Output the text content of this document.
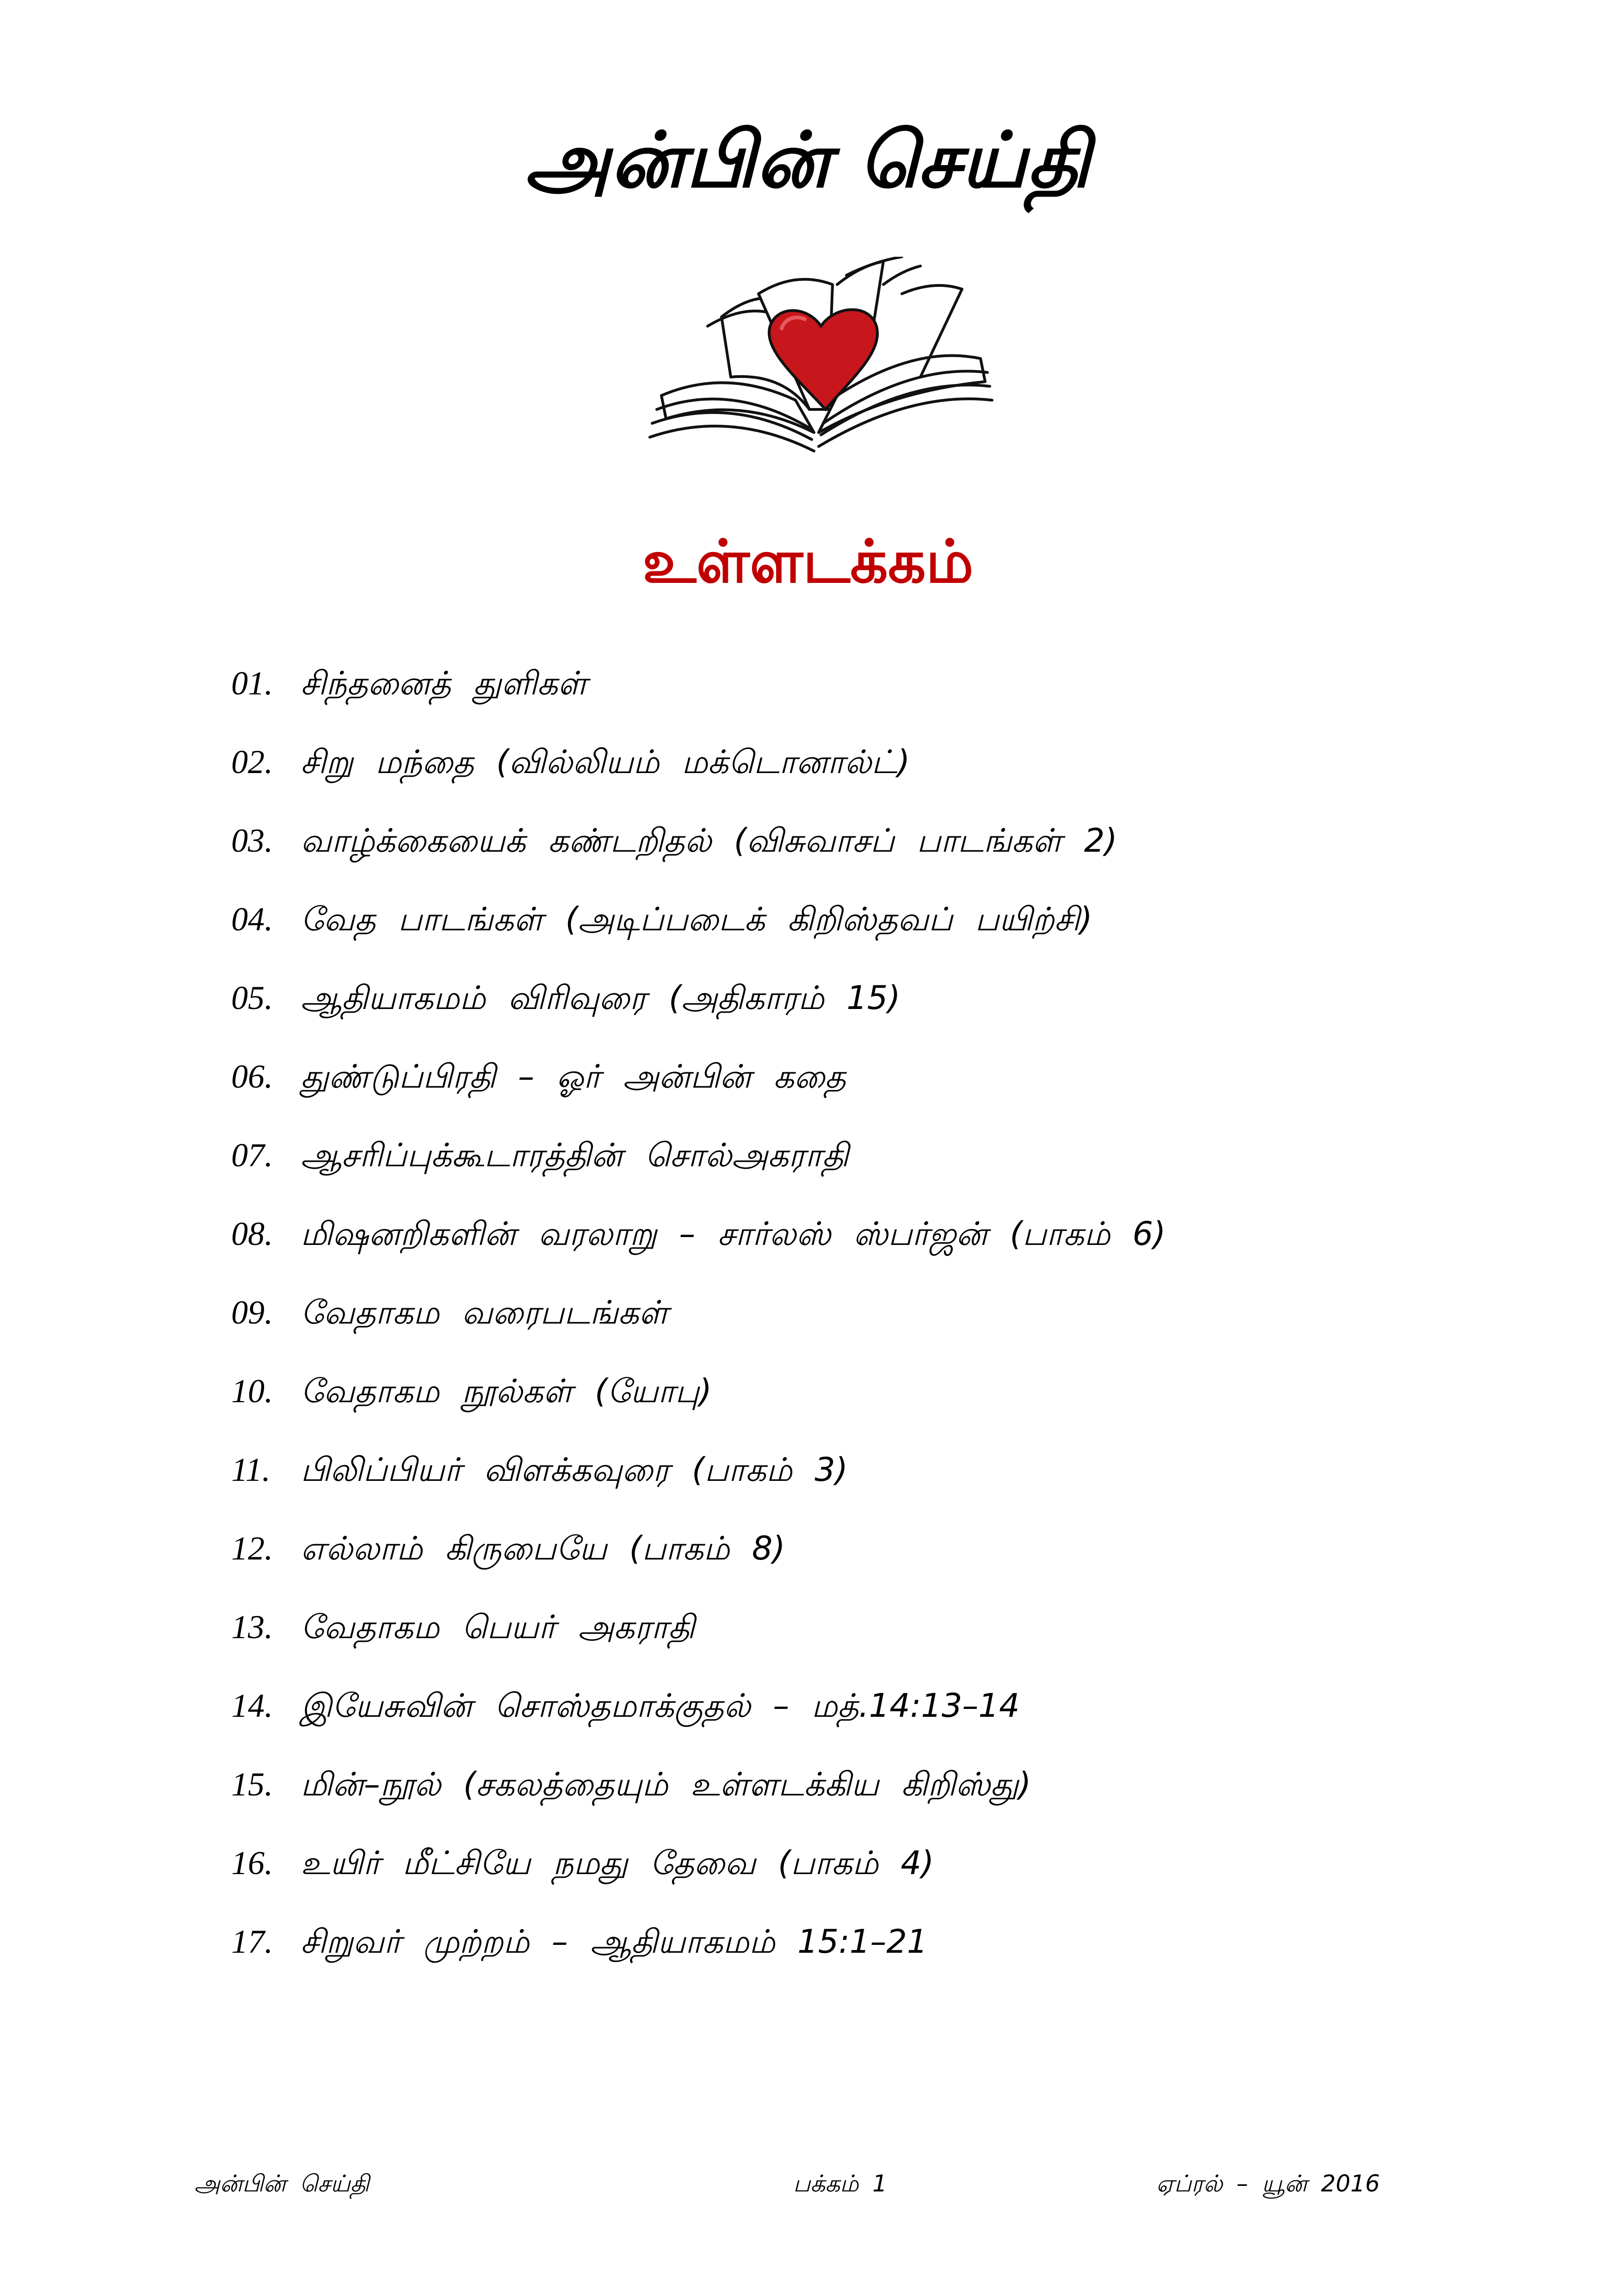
அன்பின் செய்தி
உள்ளடக்கம்
01. சிந்தனைத் துளிகள்
02. சிறு மந்தை (வில்லியம் மக்டொனால்ட்)
03. வாழ்க்கையைக் கண்டறிதல் (விசுவாசப் பாடங்கள் 2)
04. வேத பாடங்கள் (அடிப்படைக் கிறிஸ்தவப் பயிற்சி)
05. ஆதியாகமம் விரிவுரை (அதிகாரம் 15)
06. துண்டுப்பிரதி – ஓர் அன்பின் கதை
07. ஆசரிப்புக்கூடாரத்தின் சொல்அகராதி
08. மிஷனறிகளின் வரலாறு – சார்லஸ் ஸ்பர்ஜன் (பாகம் 6)
09. வேதாகம வரைபடங்கள்
10. வேதாகம நூல்கள் (யோபு)
11. பிலிப்பியர் விளக்கவுரை (பாகம் 3)
12. எல்லாம் கிருபையே (பாகம் 8)
13. வேதாகம பெயர் அகராதி
14. இயேசுவின் சொஸ்தமாக்குதல் – மத்.14:13–14
15. மின்–நூல் (சகலத்தையும் உள்ளடக்கிய கிறிஸ்து)
16. உயிர் மீட்சியே நமது தேவை (பாகம் 4)
17. சிறுவர் முற்றம் – ஆதியாகமம் 15:1–21
அன்பின் செய்தி	பக்கம் 1	ஏப்ரல் – யூன் 2016
